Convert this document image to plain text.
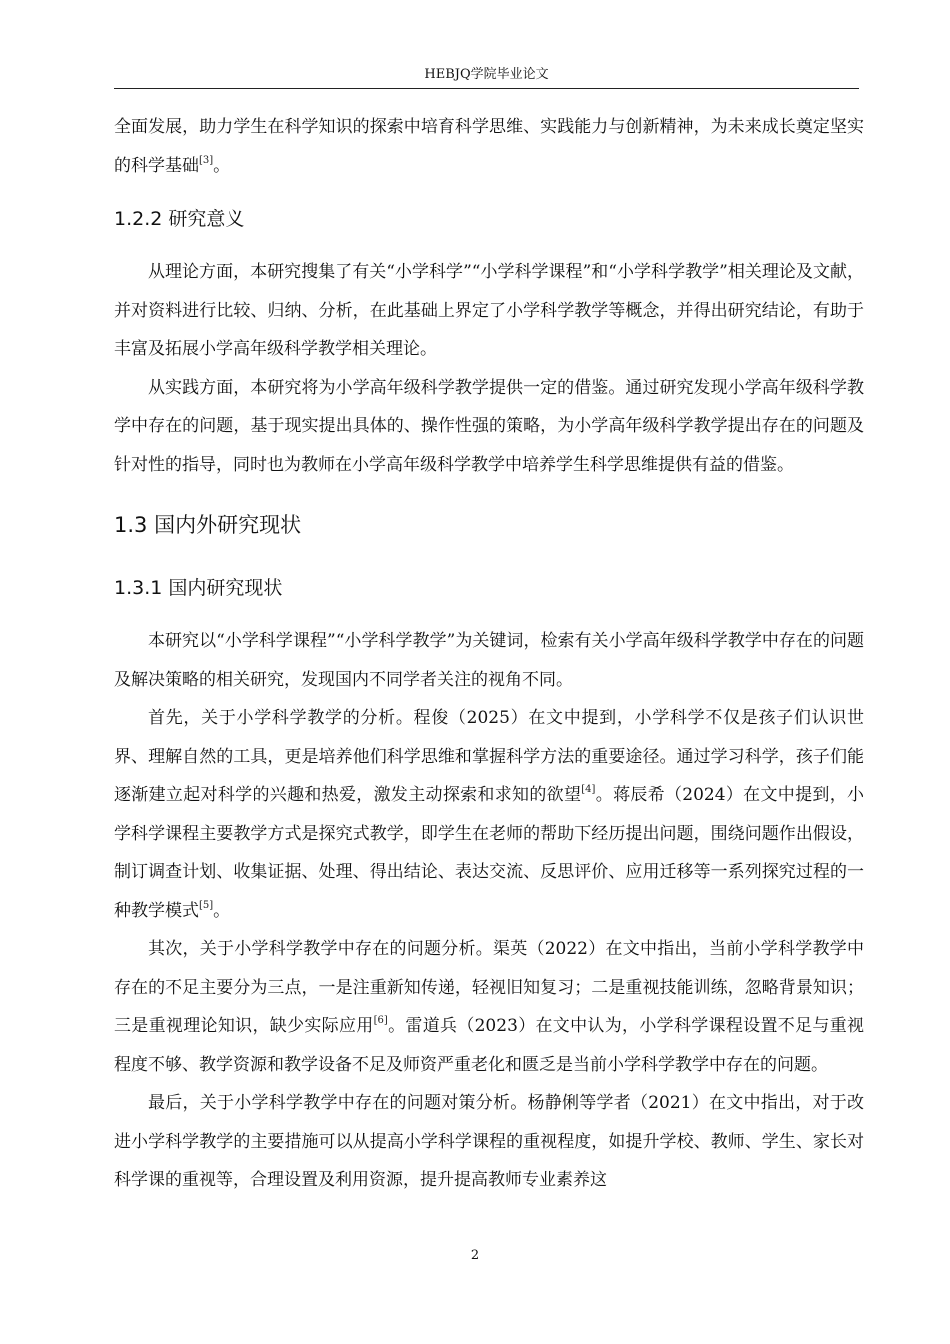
HEBJQ学院毕业论文

全面发展，助力学生在科学知识的探索中培育科学思维、实践能力与创新精神，为未来成长奠定坚实的科学基础[3]。

1.2.2 研究意义

从理论方面，本研究搜集了有关“小学科学”“小学科学课程”和“小学科学教学”相关理论及文献，并对资料进行比较、归纳、分析，在此基础上界定了小学科学教学等概念，并得出研究结论，有助于丰富及拓展小学高年级科学教学相关理论。

从实践方面，本研究将为小学高年级科学教学提供一定的借鉴。通过研究发现小学高年级科学教学中存在的问题，基于现实提出具体的、操作性强的策略，为小学高年级科学教学提出存在的问题及针对性的指导，同时也为教师在小学高年级科学教学中培养学生科学思维提供有益的借鉴。

1.3 国内外研究现状
1.3.1 国内研究现状

本研究以“小学科学课程”“小学科学教学”为关键词，检索有关小学高年级科学教学中存在的问题及解决策略的相关研究，发现国内不同学者关注的视角不同。

首先，关于小学科学教学的分析。程俊（2025）在文中提到，小学科学不仅是孩子们认识世界、理解自然的工具，更是培养他们科学思维和掌握科学方法的重要途径。通过学习科学，孩子们能逐渐建立起对科学的兴趣和热爱，激发主动探索和求知的欲望[4]。蒋辰希（2024）在文中提到，小学科学课程主要教学方式是探究式教学，即学生在老师的帮助下经历提出问题，围绕问题作出假设，制订调查计划、收集证据、处理、得出结论、表达交流、反思评价、应用迁移等一系列探究过程的一种教学模式[5]。

其次，关于小学科学教学中存在的问题分析。渠英（2022）在文中指出，当前小学科学教学中存在的不足主要分为三点，一是注重新知传递，轻视旧知复习；二是重视技能训练，忽略背景知识；三是重视理论知识，缺少实际应用[6]。雷道兵（2023）在文中认为，小学科学课程设置不足与重视程度不够、教学资源和教学设备不足及师资严重老化和匮乏是当前小学科学教学中存在的问题。

最后，关于小学科学教学中存在的问题对策分析。杨静俐等学者（2021）在文中指出，对于改进小学科学教学的主要措施可以从提高小学科学课程的重视程度，如提升学校、教师、学生、家长对科学课的重视等，合理设置及利用资源，提升提高教师专业素养这

2
